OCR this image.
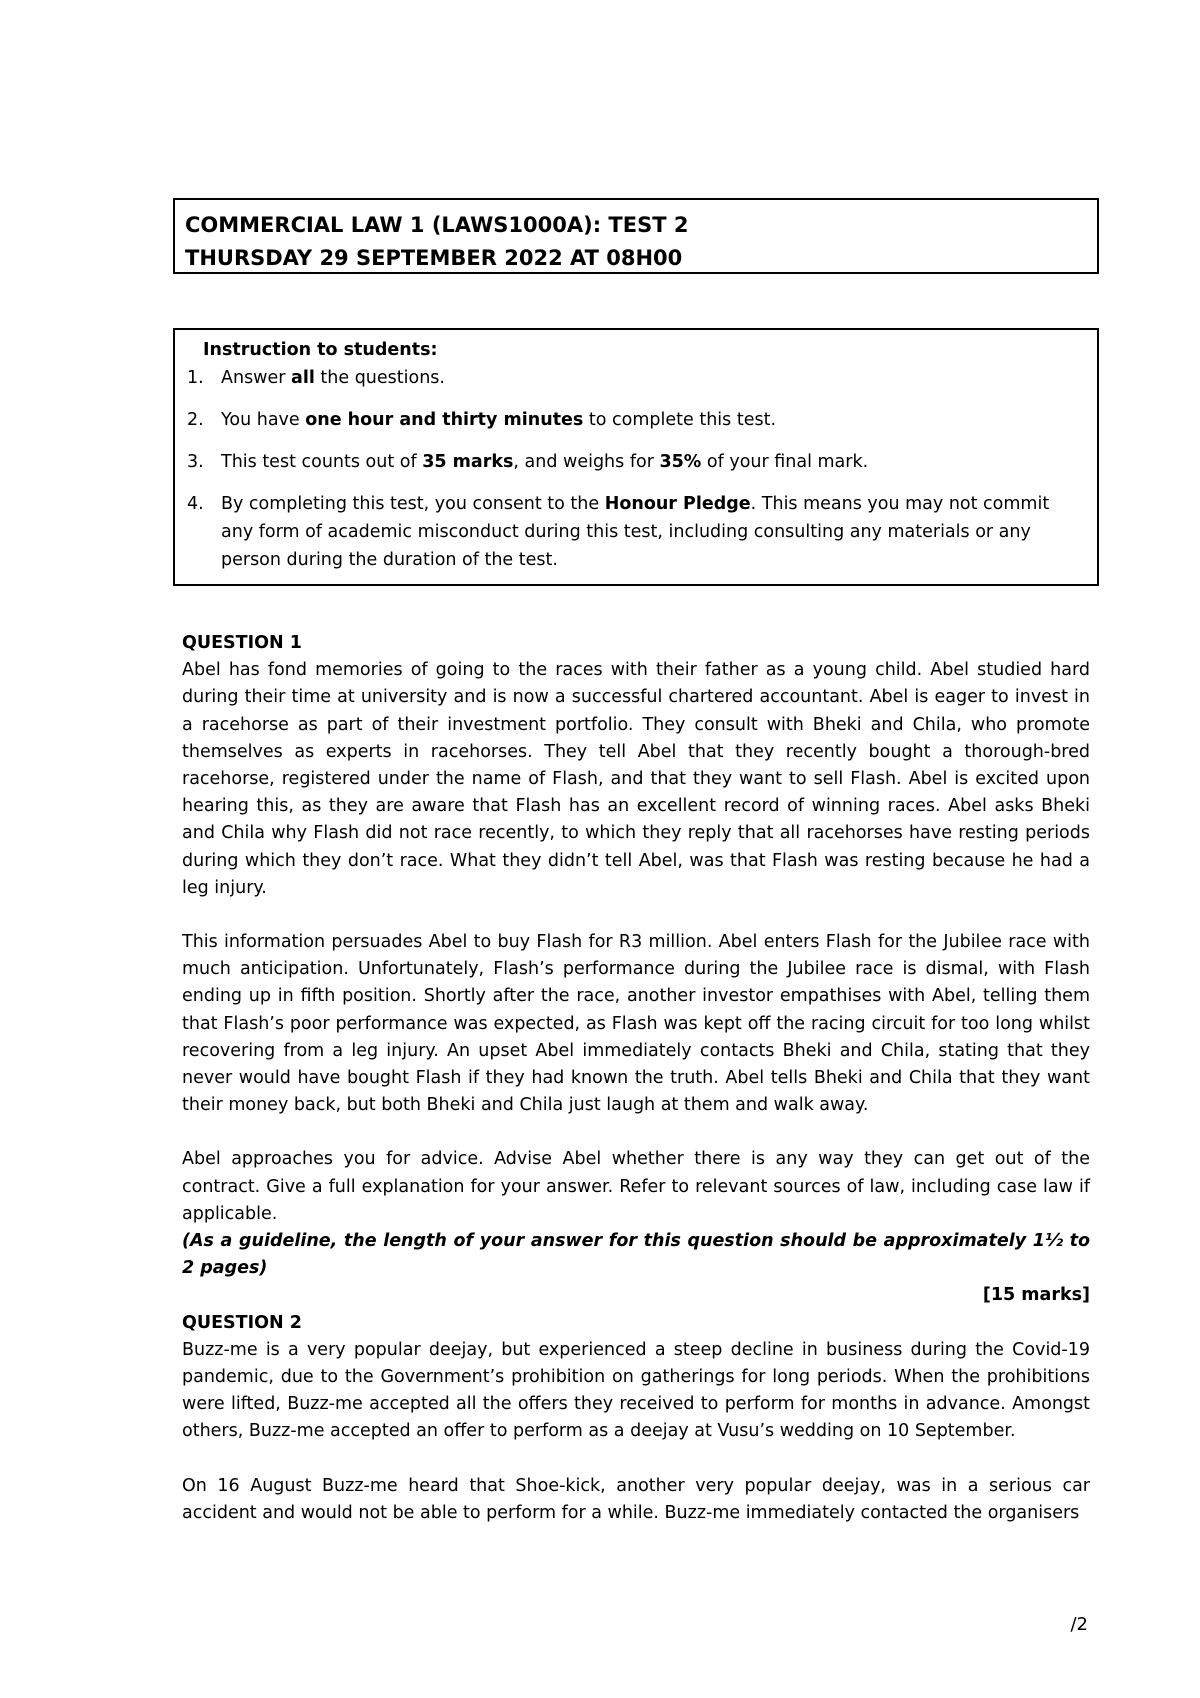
COMMERCIAL LAW 1 (LAWS1000A): TEST 2
THURSDAY 29 SEPTEMBER 2022 AT 08H00
Instruction to students:
1. Answer all the questions.
2. You have one hour and thirty minutes to complete this test.
3. This test counts out of 35 marks, and weighs for 35% of your final mark.
4. By completing this test, you consent to the Honour Pledge. This means you may not commit any form of academic misconduct during this test, including consulting any materials or any person during the duration of the test.
QUESTION 1

Abel has fond memories of going to the races with their father as a young child. Abel studied hard during their time at university and is now a successful chartered accountant. Abel is eager to invest in a racehorse as part of their investment portfolio. They consult with Bheki and Chila, who promote themselves as experts in racehorses. They tell Abel that they recently bought a thorough-bred racehorse, registered under the name of Flash, and that they want to sell Flash. Abel is excited upon hearing this, as they are aware that Flash has an excellent record of winning races. Abel asks Bheki and Chila why Flash did not race recently, to which they reply that all racehorses have resting periods during which they don’t race. What they didn’t tell Abel, was that Flash was resting because he had a leg injury.

This information persuades Abel to buy Flash for R3 million. Abel enters Flash for the Jubilee race with much anticipation. Unfortunately, Flash’s performance during the Jubilee race is dismal, with Flash ending up in fifth position. Shortly after the race, another investor empathises with Abel, telling them that Flash’s poor performance was expected, as Flash was kept off the racing circuit for too long whilst recovering from a leg injury. An upset Abel immediately contacts Bheki and Chila, stating that they never would have bought Flash if they had known the truth. Abel tells Bheki and Chila that they want their money back, but both Bheki and Chila just laugh at them and walk away.

Abel approaches you for advice. Advise Abel whether there is any way they can get out of the contract. Give a full explanation for your answer. Refer to relevant sources of law, including case law if applicable.

(As a guideline, the length of your answer for this question should be approximately 1½ to 2 pages)

[15 marks]

QUESTION 2

Buzz-me is a very popular deejay, but experienced a steep decline in business during the Covid-19 pandemic, due to the Government’s prohibition on gatherings for long periods. When the prohibitions were lifted, Buzz-me accepted all the offers they received to perform for months in advance. Amongst others, Buzz-me accepted an offer to perform as a deejay at Vusu’s wedding on 10 September.

On 16 August Buzz-me heard that Shoe-kick, another very popular deejay, was in a serious car accident and would not be able to perform for a while. Buzz-me immediately contacted the organisers

/2
